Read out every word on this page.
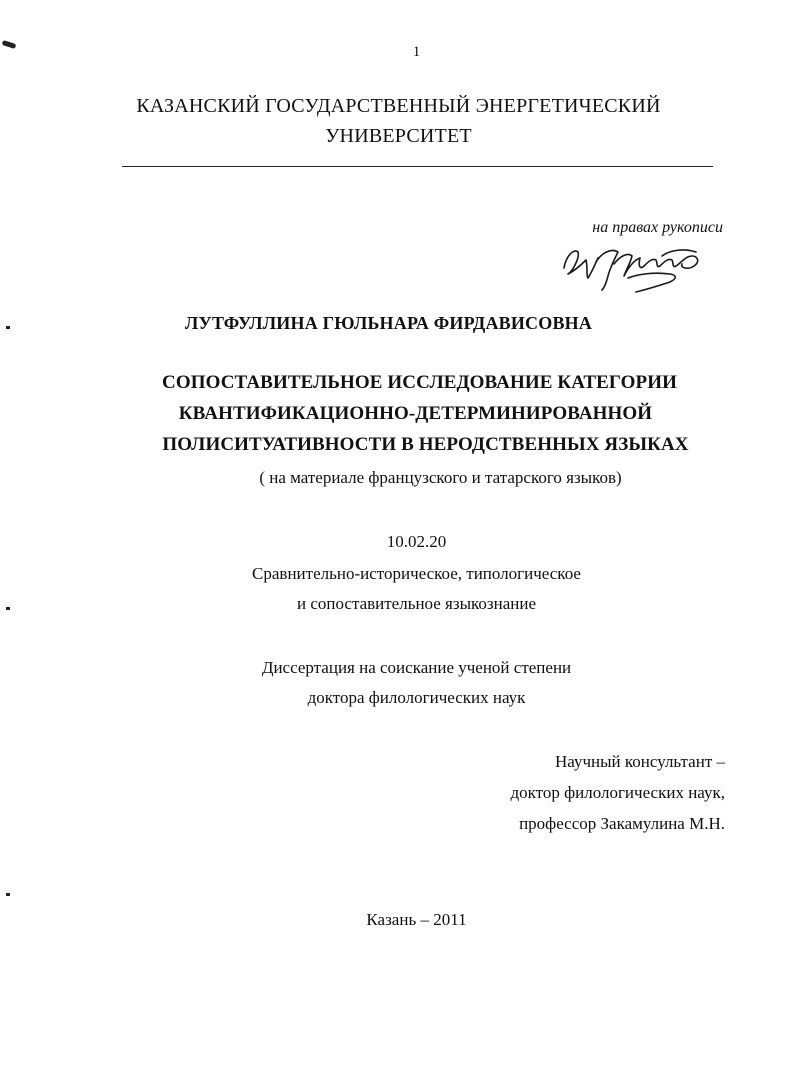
1
КАЗАНСКИЙ ГОСУДАРСТВЕННЫЙ ЭНЕРГЕТИЧЕСКИЙ
УНИВЕРСИТЕТ
на правах рукописи
ЛУТФУЛЛИНА ГЮЛЬНАРА ФИРДАВИСОВНА
СОПОСТАВИТЕЛЬНОЕ ИССЛЕДОВАНИЕ КАТЕГОРИИ
КВАНТИФИКАЦИОННО-ДЕТЕРМИНИРОВАННОЙ
ПОЛИСИТУАТИВНОСТИ В НЕРОДСТВЕННЫХ ЯЗЫКАХ
( на материале французского и татарского языков)
10.02.20
Сравнительно-историческое, типологическое
и сопоставительное языкознание
Диссертация на соискание ученой степени
доктора филологических наук
Научный консультант –
доктор филологических наук,
профессор Закамулина М.Н.
Казань – 2011
